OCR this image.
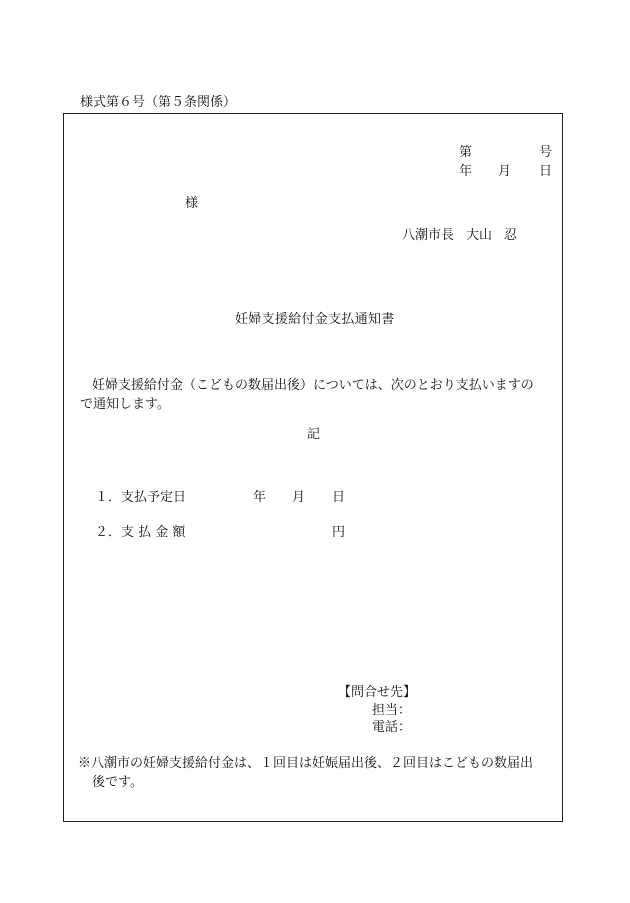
様式第６号（第５条関係）
第	号
年 月 日
様
八潮市長 大山 忍
妊婦支援給付金支払通知書
妊婦支援給付金（こどもの数届出後）については、次のとおり支払いますの
で通知します。
記
１．支払予定日	年 月 日
２．支 払 金 額	円
【問合せ先】
担当：
電話：
※八潮市の妊婦支援給付金は、１回目は妊娠届出後、２回目はこどもの数届出
後です。
